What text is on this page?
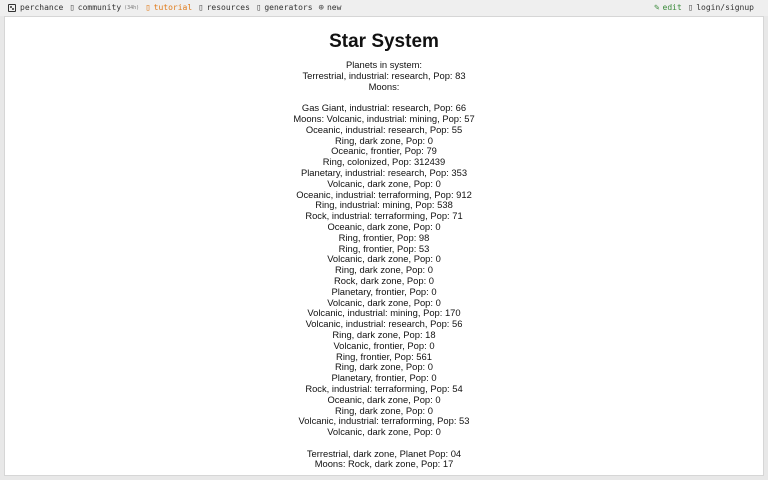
perchance ▯ community (34h) ▯ tutorial ▯ resources ▯ generators ⊕ new	✎ edit ▯ login/signup
Star System
Planets in system:
Terrestrial, industrial: research, Pop: 83
Moons:
Gas Giant, industrial: research, Pop: 66
Moons: Volcanic, industrial: mining, Pop: 57
Oceanic, industrial: research, Pop: 55
Ring, dark zone, Pop: 0
Oceanic, frontier, Pop: 79
Ring, colonized, Pop: 312439
Planetary, industrial: research, Pop: 353
Volcanic, dark zone, Pop: 0
Oceanic, industrial: terraforming, Pop: 912
Ring, industrial: mining, Pop: 538
Rock, industrial: terraforming, Pop: 71
Oceanic, dark zone, Pop: 0
Ring, frontier, Pop: 98
Ring, frontier, Pop: 53
Volcanic, dark zone, Pop: 0
Ring, dark zone, Pop: 0
Rock, dark zone, Pop: 0
Planetary, frontier, Pop: 0
Volcanic, dark zone, Pop: 0
Volcanic, industrial: mining, Pop: 170
Volcanic, industrial: research, Pop: 56
Ring, dark zone, Pop: 18
Volcanic, frontier, Pop: 0
Ring, frontier, Pop: 561
Ring, dark zone, Pop: 0
Planetary, frontier, Pop: 0
Rock, industrial: terraforming, Pop: 54
Oceanic, dark zone, Pop: 0
Ring, dark zone, Pop: 0
Volcanic, industrial: terraforming, Pop: 53
Volcanic, dark zone, Pop: 0
Terrestrial, dark zone, Planet Pop: 04
Moons: Rock, dark zone, Pop: 17
